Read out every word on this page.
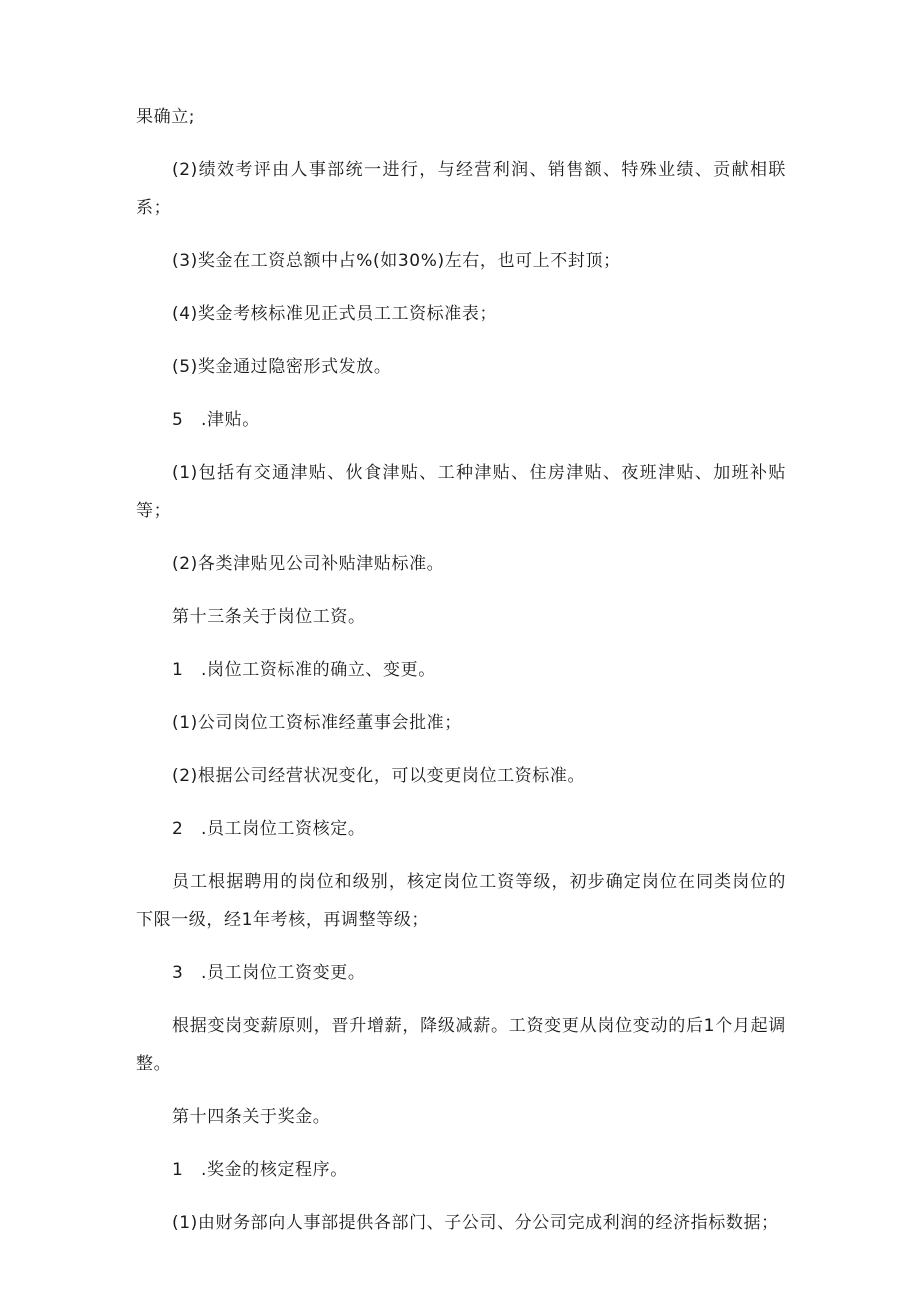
果确立;

(2)绩效考评由人事部统一进行，与经营利润、销售额、特殊业绩、贡献相联系；

(3)奖金在工资总额中占%(如30%)左右，也可上不封顶；

(4)奖金考核标准见正式员工工资标准表；

(5)奖金通过隐密形式发放。

5　.津贴。

(1)包括有交通津贴、伙食津贴、工种津贴、住房津贴、夜班津贴、加班补贴等；

(2)各类津贴见公司补贴津贴标准。

第十三条关于岗位工资。

1　.岗位工资标准的确立、变更。

(1)公司岗位工资标准经董事会批准；

(2)根据公司经营状况变化，可以变更岗位工资标准。

2　.员工岗位工资核定。

员工根据聘用的岗位和级别，核定岗位工资等级，初步确定岗位在同类岗位的下限一级，经1年考核，再调整等级；

3　.员工岗位工资变更。

根据变岗变薪原则，晋升增薪，降级减薪。工资变更从岗位变动的后1个月起调整。

第十四条关于奖金。

1　.奖金的核定程序。

(1)由财务部向人事部提供各部门、子公司、分公司完成利润的经济指标数据；
